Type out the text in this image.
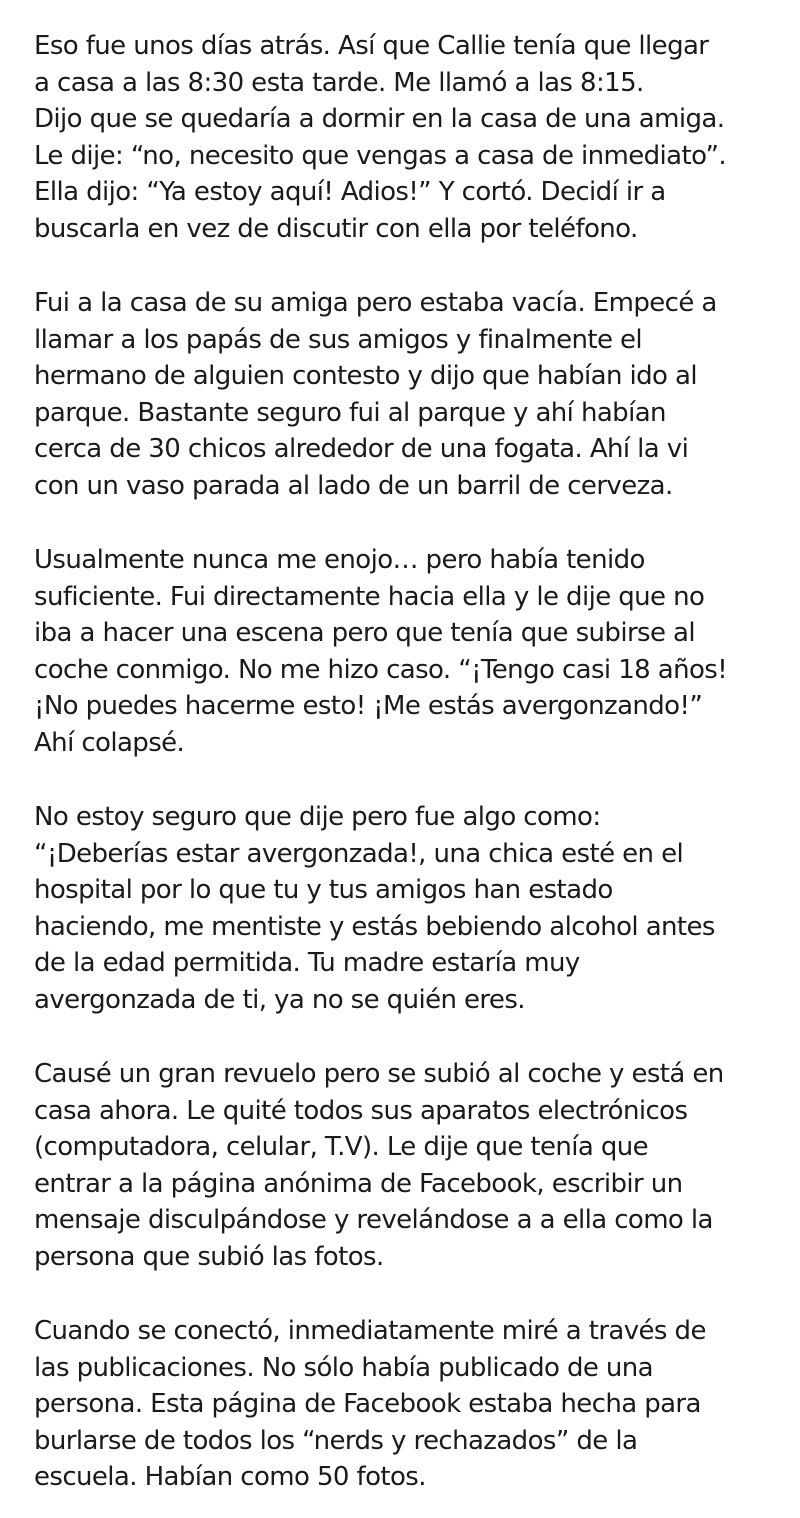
Eso fue unos días atrás. Así que Callie tenía que llegar
a casa a las 8:30 esta tarde. Me llamó a las 8:15.
Dijo que se quedaría a dormir en la casa de una amiga.
Le dije: “no, necesito que vengas a casa de inmediato”.
Ella dijo: “Ya estoy aquí! Adios!” Y cortó. Decidí ir a
buscarla en vez de discutir con ella por teléfono.

Fui a la casa de su amiga pero estaba vacía. Empecé a
llamar a los papás de sus amigos y finalmente el
hermano de alguien contesto y dijo que habían ido al
parque. Bastante seguro fui al parque y ahí habían
cerca de 30 chicos alrededor de una fogata. Ahí la vi
con un vaso parada al lado de un barril de cerveza.

Usualmente nunca me enojo… pero había tenido
suficiente. Fui directamente hacia ella y le dije que no
iba a hacer una escena pero que tenía que subirse al
coche conmigo. No me hizo caso. “¡Tengo casi 18 años!
¡No puedes hacerme esto! ¡Me estás avergonzando!”
Ahí colapsé.

No estoy seguro que dije pero fue algo como:
“¡Deberías estar avergonzada!, una chica esté en el
hospital por lo que tu y tus amigos han estado
haciendo, me mentiste y estás bebiendo alcohol antes
de la edad permitida. Tu madre estaría muy
avergonzada de ti, ya no se quién eres.

Causé un gran revuelo pero se subió al coche y está en
casa ahora. Le quité todos sus aparatos electrónicos
(computadora, celular, T.V). Le dije que tenía que
entrar a la página anónima de Facebook, escribir un
mensaje disculpándose y revelándose a a ella como la
persona que subió las fotos.

Cuando se conectó, inmediatamente miré a través de
las publicaciones. No sólo había publicado de una
persona. Esta página de Facebook estaba hecha para
burlarse de todos los “nerds y rechazados” de la
escuela. Habían como 50 fotos.
